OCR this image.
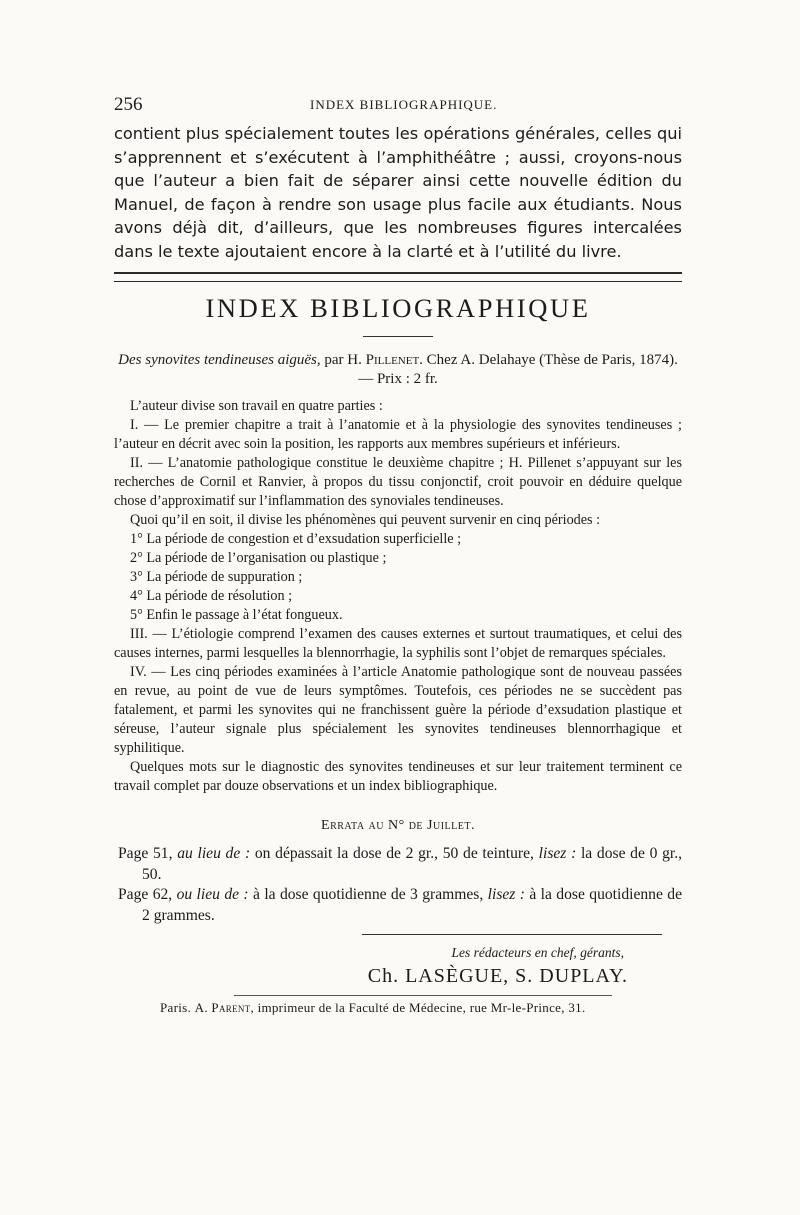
256	INDEX BIBLIOGRAPHIQUE.

contient plus spécialement toutes les opérations générales, celles qui s’apprennent et s’exécutent à l’amphithéâtre ; aussi, croyons-nous que l’auteur a bien fait de séparer ainsi cette nouvelle édition du Manuel, de façon à rendre son usage plus facile aux étudiants. Nous avons déjà dit, d’ailleurs, que les nombreuses figures intercalées dans le texte ajoutaient encore à la clarté et à l’utilité du livre.

INDEX BIBLIOGRAPHIQUE

Des synovites tendineuses aiguës, par H. Pillenet. Chez A. Delahaye (Thèse de Paris, 1874). — Prix : 2 fr.

L’auteur divise son travail en quatre parties :

I. — Le premier chapitre a trait à l’anatomie et à la physiologie des synovites tendineuses ; l’auteur en décrit avec soin la position, les rapports aux membres supérieurs et inférieurs.

II. — L’anatomie pathologique constitue le deuxième chapitre ; H. Pillenet s’appuyant sur les recherches de Cornil et Ranvier, à propos du tissu conjonctif, croit pouvoir en déduire quelque chose d’approximatif sur l’inflammation des synoviales tendineuses.

Quoi qu’il en soit, il divise les phénomènes qui peuvent survenir en cinq périodes :

1° La période de congestion et d’exsudation superficielle ;

2° La période de l’organisation ou plastique ;

3° La période de suppuration ;

4° La période de résolution ;

5° Enfin le passage à l’état fongueux.

III. — L’étiologie comprend l’examen des causes externes et surtout traumatiques, et celui des causes internes, parmi lesquelles la blennorrhagie, la syphilis sont l’objet de remarques spéciales.

IV. — Les cinq périodes examinées à l’article Anatomie pathologique sont de nouveau passées en revue, au point de vue de leurs symptômes. Toutefois, ces périodes ne se succèdent pas fatalement, et parmi les synovites qui ne franchissent guère la période d’exsudation plastique et séreuse, l’auteur signale plus spécialement les synovites tendineuses blennorrhagique et syphilitique.

Quelques mots sur le diagnostic des synovites tendineuses et sur leur traitement terminent ce travail complet par douze observations et un index bibliographique.

Errata au N° de Juillet.

Page 51, au lieu de : on dépassait la dose de 2 gr., 50 de teinture, lisez : la dose de 0 gr., 50.

Page 62, ou lieu de : à la dose quotidienne de 3 grammes, lisez : à la dose quotidienne de 2 grammes.

Les rédacteurs en chef, gérants,
Ch. LASÈGUE, S. DUPLAY.
Paris. A. Parent, imprimeur de la Faculté de Médecine, rue Mr-le-Prince, 31.
